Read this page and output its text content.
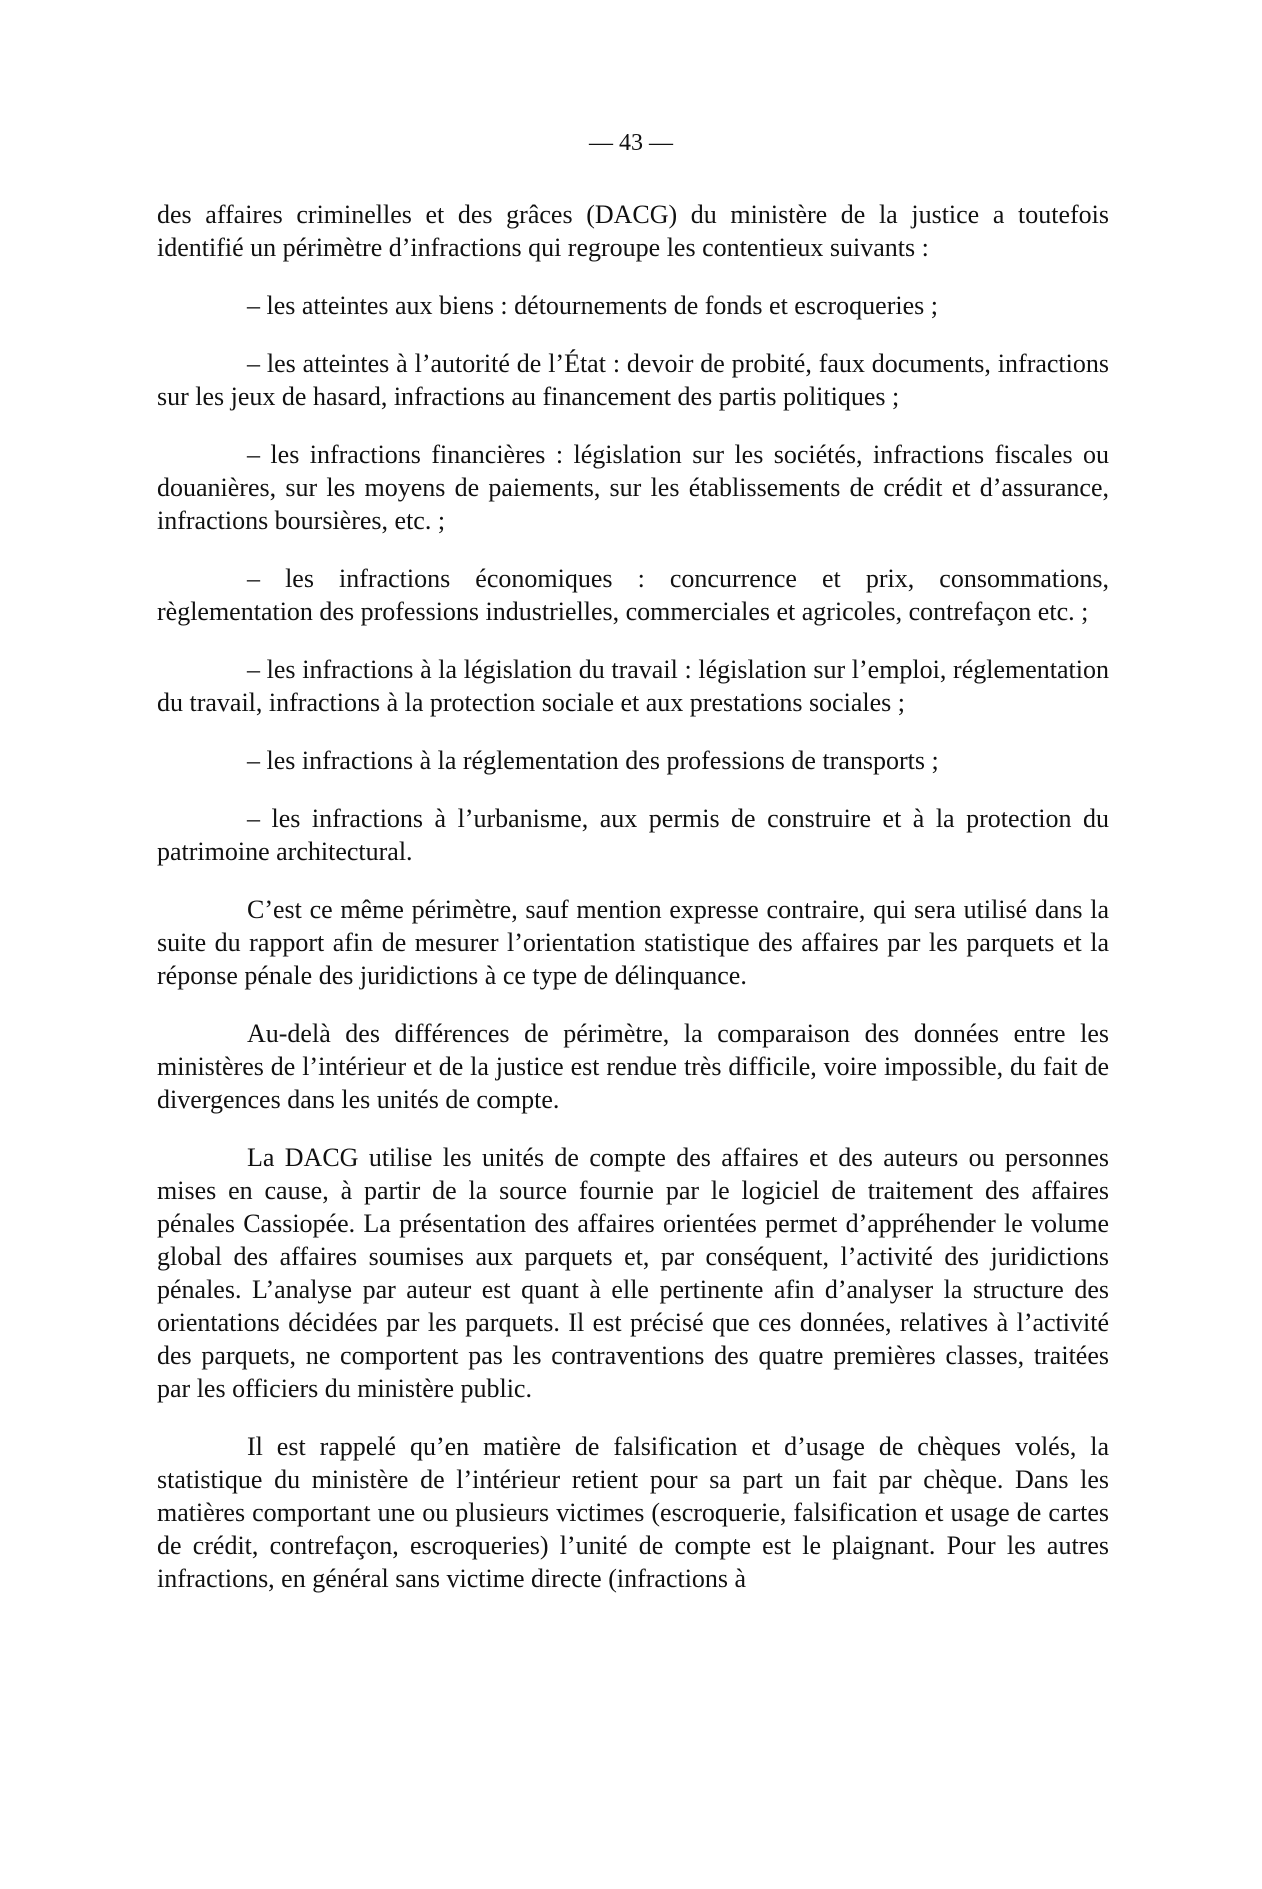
— 43 —

des affaires criminelles et des grâces (DACG) du ministère de la justice a toutefois identifié un périmètre d’infractions qui regroupe les contentieux suivants :

– les atteintes aux biens : détournements de fonds et escroqueries ;

– les atteintes à l’autorité de l’État : devoir de probité, faux documents, infractions sur les jeux de hasard, infractions au financement des partis politiques ;

– les infractions financières : législation sur les sociétés, infractions fiscales ou douanières, sur les moyens de paiements, sur les établissements de crédit et d’assurance, infractions boursières, etc. ;

– les infractions économiques : concurrence et prix, consommations, règlementation des professions industrielles, commerciales et agricoles, contrefaçon etc. ;

– les infractions à la législation du travail : législation sur l’emploi, réglementation du travail, infractions à la protection sociale et aux prestations sociales ;

– les infractions à la réglementation des professions de transports ;

– les infractions à l’urbanisme, aux permis de construire et à la protection du patrimoine architectural.

C’est ce même périmètre, sauf mention expresse contraire, qui sera utilisé dans la suite du rapport afin de mesurer l’orientation statistique des affaires par les parquets et la réponse pénale des juridictions à ce type de délinquance.

Au-delà des différences de périmètre, la comparaison des données entre les ministères de l’intérieur et de la justice est rendue très difficile, voire impossible, du fait de divergences dans les unités de compte.

La DACG utilise les unités de compte des affaires et des auteurs ou personnes mises en cause, à partir de la source fournie par le logiciel de traitement des affaires pénales Cassiopée. La présentation des affaires orientées permet d’appréhender le volume global des affaires soumises aux parquets et, par conséquent, l’activité des juridictions pénales. L’analyse par auteur est quant à elle pertinente afin d’analyser la structure des orientations décidées par les parquets. Il est précisé que ces données, relatives à l’activité des parquets, ne comportent pas les contraventions des quatre premières classes, traitées par les officiers du ministère public.

Il est rappelé qu’en matière de falsification et d’usage de chèques volés, la statistique du ministère de l’intérieur retient pour sa part un fait par chèque. Dans les matières comportant une ou plusieurs victimes (escroquerie, falsification et usage de cartes de crédit, contrefaçon, escroqueries) l’unité de compte est le plaignant. Pour les autres infractions, en général sans victime directe (infractions à
